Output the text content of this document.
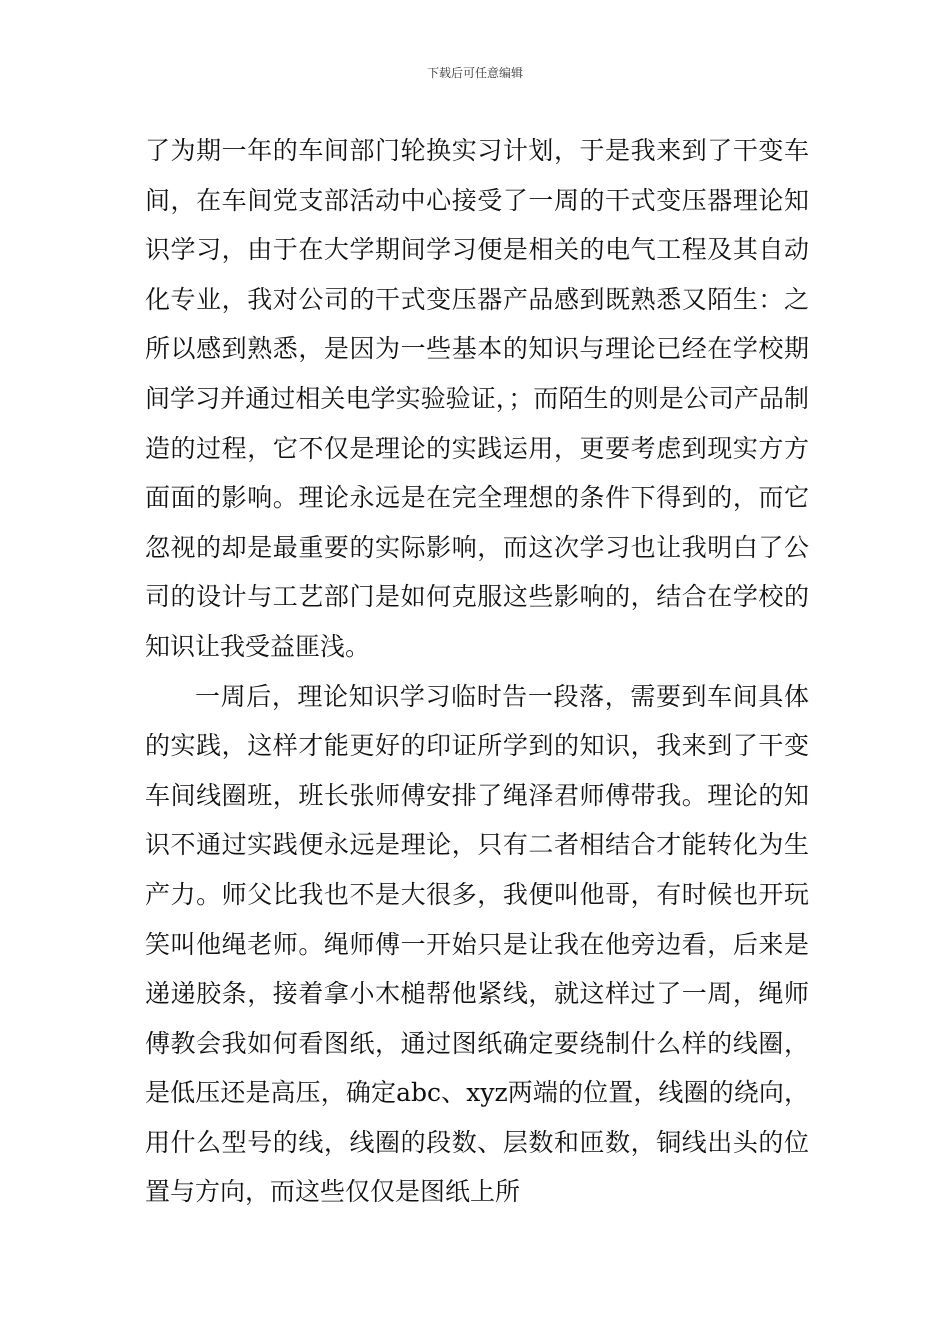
下载后可任意编辑

了为期一年的车间部门轮换实习计划，于是我来到了干变车间，在车间党支部活动中心接受了一周的干式变压器理论知识学习，由于在大学期间学习便是相关的电气工程及其自动化专业，我对公司的干式变压器产品感到既熟悉又陌生：之所以感到熟悉，是因为一些基本的知识与理论已经在学校期间学习并通过相关电学实验验证，；而陌生的则是公司产品制造的过程，它不仅是理论的实践运用，更要考虑到现实方方面面的影响。理论永远是在完全理想的条件下得到的，而它忽视的却是最重要的实际影响，而这次学习也让我明白了公司的设计与工艺部门是如何克服这些影响的，结合在学校的知识让我受益匪浅。

一周后，理论知识学习临时告一段落，需要到车间具体的实践，这样才能更好的印证所学到的知识，我来到了干变车间线圈班，班长张师傅安排了绳泽君师傅带我。理论的知识不通过实践便永远是理论，只有二者相结合才能转化为生产力。师父比我也不是大很多，我便叫他哥，有时候也开玩笑叫他绳老师。绳师傅一开始只是让我在他旁边看，后来是递递胶条，接着拿小木槌帮他紧线，就这样过了一周，绳师傅教会我如何看图纸，通过图纸确定要绕制什么样的线圈，是低压还是高压，确定abc、xyz两端的位置，线圈的绕向，用什么型号的线，线圈的段数、层数和匝数，铜线出头的位置与方向，而这些仅仅是图纸上所
